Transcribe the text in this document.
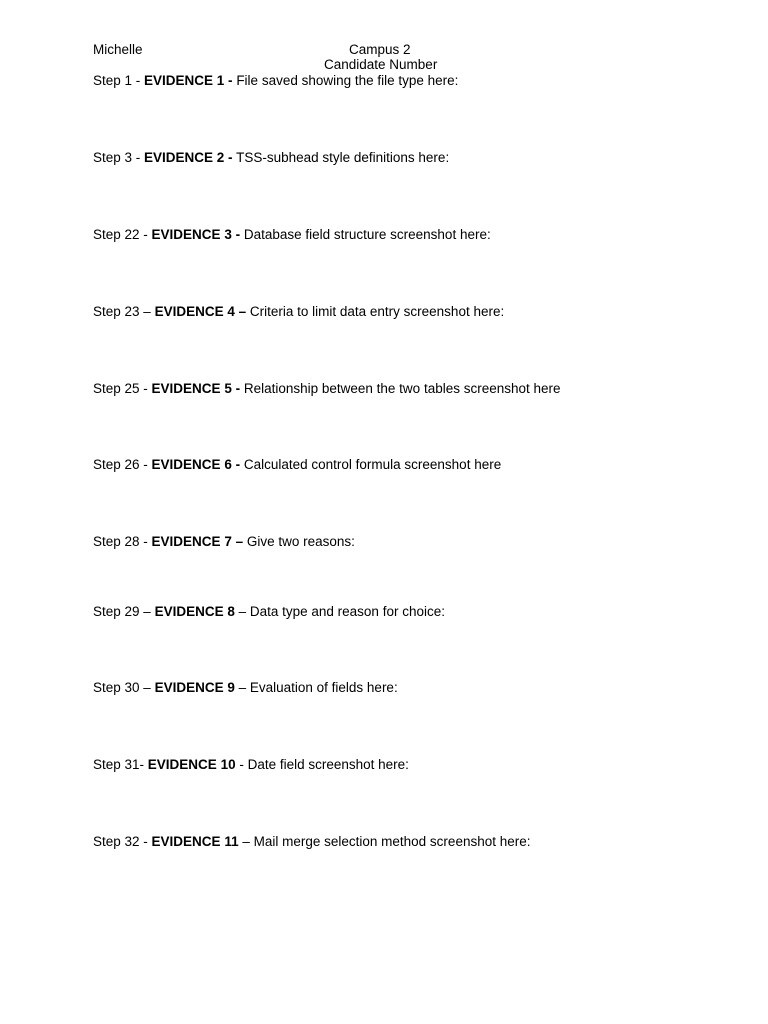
Michelle	Campus 2
Candidate Number
Step 1 - EVIDENCE 1 - File saved showing the file type here:
Step 3 - EVIDENCE 2 - TSS-subhead style definitions here:
Step 22 - EVIDENCE 3 - Database field structure screenshot here:
Step 23 – EVIDENCE 4 – Criteria to limit data entry screenshot here:
Step 25 - EVIDENCE 5 - Relationship between the two tables screenshot here
Step 26 - EVIDENCE 6 - Calculated control formula screenshot here
Step 28 - EVIDENCE 7 – Give two reasons:
Step 29 – EVIDENCE 8 – Data type and reason for choice:
Step 30 – EVIDENCE 9 – Evaluation of fields here:
Step 31- EVIDENCE 10 - Date field screenshot here:
Step 32 - EVIDENCE 11 – Mail merge selection method screenshot here:
